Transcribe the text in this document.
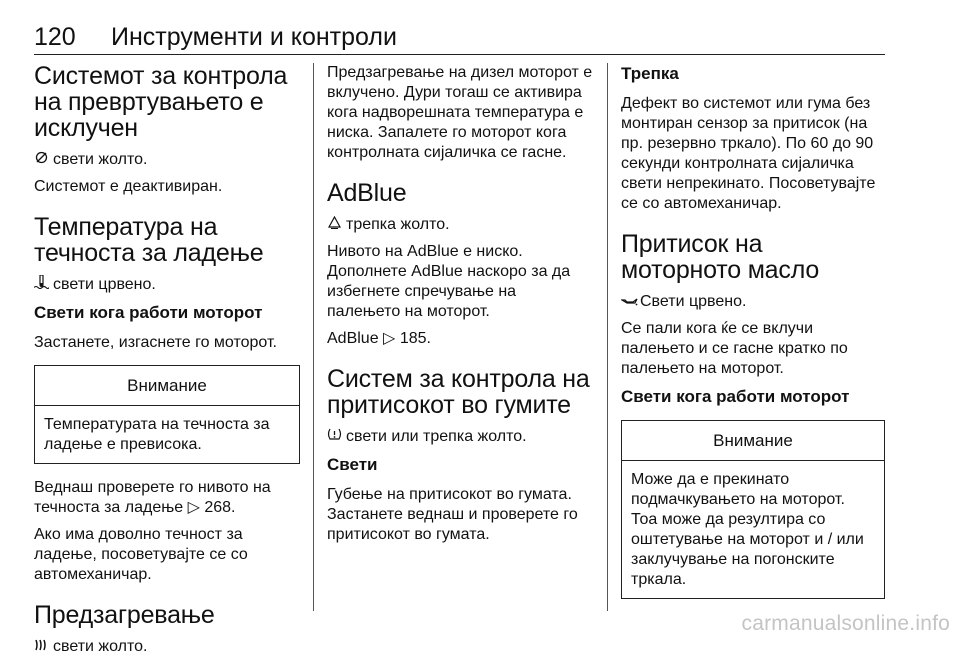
120 Инструменти и контроли
Систeмот за контрола на превртувањето е исклучен

свети жолто.

Системот е деактивиран.

Температура на течноста за ладење

свети црвено.

Свети кога работи моторот

Застанете, изгаснете го моторот.

Внимание
Температурата на течноста за ладење е превисока.

Веднаш проверете го нивото на течноста за ладење ▷ 268.

Ако има доволно течност за ладење, посоветувајте се со автомеханичар.

Предзагревање

свети жолто.

Предзагревање на дизел моторот е вклучено. Дури тогаш се активира кога надворешната температура е ниска. Запалете го моторот кога контролната сијаличка се гасне.

AdBlue

трепка жолто.

Нивото на AdBlue е ниско. Дополнете AdBlue наскоро за да избегнете спречување на палењето на моторот.

AdBlue ▷ 185.

Систем за контрола на притисокот во гумите

свети или трепка жолто.

Свети

Губење на притисокот во гумата. Застанете веднаш и проверете го притисокот во гумата.

Трепка

Дефект во системот или гума без монтиран сензор за притисок (на пр. резервно тркало). По 60 до 90 секунди контролната сијаличка свети непрекинато. Посоветувајте се со автомеханичар.

Притисок на моторното масло

Свети црвено.

Се пали кога ќе се вклучи палењето и се гасне кратко по палењето на моторот.

Свети кога работи моторот
Внимание
Може да е прекинато подмачкувањето на моторот. Тоа може да резултира со оштетување на моторот и / или заклучување на погонските тркала.
carmanualsonline.info
